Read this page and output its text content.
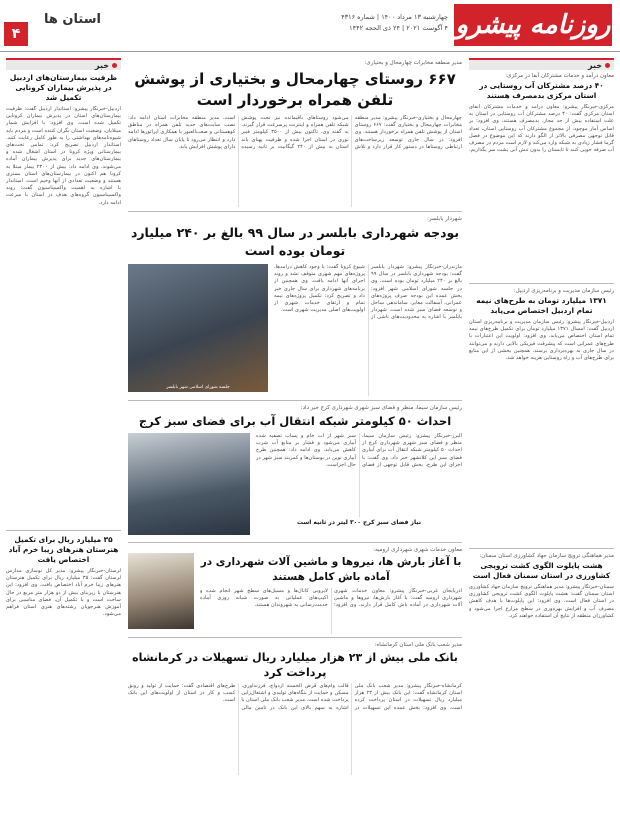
روزنامه پیشرو
چهارشنبه ۱۳ مرداد ۱۴۰۰ | شماره ۴۳۱۶
۴ آگوست ۲۰۲۱ | ۲۴ ذی الحجه ۱۴۴۲
استان ها
۴
خبر
معاون درآمد و خدمات مشترکان آبفا در مرکزی:
۴۰ درصد مشترکان آب روستایی در استان مرکزی بدمصرف هستند
مرکزی-خبرنگار پیشرو: معاون درآمد و خدمات مشترکان آبفای استان مرکزی گفت: ۴۰ درصد مشترکان آب روستایی در استان به علت استفاده بیش از حد مجاز، بدمصرف هستند. وی افزود: بر اساس آمار موجود، از مجموع مشترکان آب روستایی استان، تعداد قابل توجهی مصرفی بالاتر از الگو دارند که این موضوع در فصل گرما فشار زیادی به شبکه وارد می‌کند و لازم است مردم در مصرف آب صرفه جویی کنند تا تابستان را بدون تنش آبی پشت سر بگذاریم.
رئیس سازمان مدیریت و برنامه‌ریزی اردبیل:
۱۳۷۱ میلیارد تومان به طرح‌های نیمه تمام اردبیل اختصاص می‌یابد
اردبیل-خبرنگار پیشرو: رئیس سازمان مدیریت و برنامه‌ریزی استان اردبیل گفت: امسال ۱۳۷۱ میلیارد تومان برای تکمیل طرح‌های نیمه تمام استان اختصاص می‌یابد. وی افزود: اولویت این اعتبارات با طرح‌های عمرانی است که پیشرفت فیزیکی بالایی دارند و می‌توانند در سال جاری به بهره‌برداری برسند. همچنین بخشی از این منابع برای طرح‌های آب و راه روستایی هزینه خواهد شد.
مدیر هماهنگی ترویج سازمان جهاد کشاورزی استان سمنان:
هشت پایلوت الگوی کشت ترویجی کشاورزی در استان سمنان فعال است
سمنان-خبرنگار پیشرو: مدیر هماهنگی ترویج سازمان جهاد کشاورزی استان سمنان گفت: هشت پایلوت الگوی کشت ترویجی کشاورزی در استان فعال است. وی افزود: این پایلوت‌ها با هدف کاهش مصرف آب و افزایش بهره‌وری در سطح مزارع اجرا می‌شود و کشاورزان منطقه از نتایج آن استفاده خواهند کرد.
مدیر منطقه مخابرات چهارمحال و بختیاری:
۶۶۷ روستای چهارمحال و بختیاری از پوشش تلفن همراه برخوردار است
چهارمحال و بختیاری-خبرنگار پیشرو: مدیر منطقه مخابرات چهارمحال و بختیاری گفت: ۶۶۷ روستای استان از پوشش تلفن همراه برخوردار هستند. وی افزود: در سال جاری توسعه زیرساخت‌های ارتباطی روستاها در دستور کار قرار دارد و تلاش می‌شود روستاهای باقیمانده نیز تحت پوشش شبکه تلفن همراه و اینترنت پرسرعت قرار گیرند. به گفته وی، تاکنون بیش از ۳۵۰۰ کیلومتر فیبر نوری در استان اجرا شده و ظرفیت پهنای باند استان به بیش از ۲۴۰ گیگابیت بر ثانیه رسیده است. مدیر منطقه مخابرات استان ادامه داد: نصب سایت‌های جدید تلفن همراه در مناطق کوهستانی و صعب‌العبور با همکاری اپراتورها ادامه دارد و انتظار می‌رود تا پایان سال تعداد روستاهای دارای پوشش افزایش یابد.
شهردار بابلسر:
بودجه شهرداری بابلسر در سال ۹۹ بالغ بر ۲۴۰ میلیارد تومان بوده است
مازندران-خبرنگار پیشرو: شهردار بابلسر گفت: بودجه شهرداری بابلسر در سال ۹۹ بالغ بر ۲۴۰ میلیارد تومان بوده است. وی در جلسه شورای اسلامی شهر افزود: بخش عمده این بودجه صرف پروژه‌های عمرانی، آسفالت معابر، ساماندهی ساحل و توسعه فضای سبز شده است. شهردار بابلسر با اشاره به محدودیت‌های ناشی از شیوع کرونا گفت: با وجود کاهش درآمدها، پروژه‌های مهم شهری متوقف نشد و روند اجرای آنها ادامه یافت. وی همچنین از برنامه‌های شهرداری برای سال جاری خبر داد و تصریح کرد: تکمیل پروژه‌های نیمه تمام و ارتقای خدمات شهری از اولویت‌های اصلی مدیریت شهری است.
جلسه شورای اسلامی شهر بابلسر
رئیس سازمان سیما، منظر و فضای سبز شهری شهرداری کرج خبر داد:
احداث ۵۰ کیلومتر شبکه انتقال آب برای فضای سبز کرج
البرز-خبرنگار پیشرو: رئیس سازمان سیما، منظر و فضای سبز شهری شهرداری کرج از احداث ۵۰ کیلومتر شبکه انتقال آب برای آبیاری فضای سبز این کلانشهر خبر داد. وی گفت: با اجرای این طرح، بخش قابل توجهی از فضای سبز شهر از آب خام و پساب تصفیه شده آبیاری می‌شود و فشار بر منابع آب شرب کاهش می‌یابد. وی ادامه داد: همچنین طرح آبیاری نوین در بوستان‌ها و کمربند سبز شهر در حال اجراست.
نیاز فضای سبز کرج ۳۰۰ لیتر در ثانیه است
معاون خدمات شهری شهرداری ارومیه:
با آغاز بارش ها، نیروها و ماشین آلات شهرداری در آماده باش کامل هستند
آذربایجان غربی-خبرنگار پیشرو: معاون خدمات شهری شهرداری ارومیه گفت: با آغاز بارش‌ها، نیروها و ماشین آلات شهرداری در آماده باش کامل قرار دارند. وی افزود: لایروبی کانال‌ها و مسیل‌های سطح شهر انجام شده و اکیپ‌های عملیاتی به صورت شبانه روزی آماده خدمت‌رسانی به شهروندان هستند.
مدیر شعب بانک ملی استان کرمانشاه:
بانک ملی بیش از ۲۳ هزار میلیارد ریال تسهیلات در کرمانشاه پرداخت کرد
کرمانشاه-خبرنگار پیشرو: مدیر شعب بانک ملی استان کرمانشاه گفت: این بانک بیش از ۲۳ هزار میلیارد ریال تسهیلات در استان پرداخت کرده است. وی افزود: بخش عمده این تسهیلات در قالب وام‌های قرض الحسنه ازدواج، فرزندآوری، مسکن و حمایت از بنگاه‌های تولیدی و اشتغال‌زایی پرداخت شده است. مدیر شعب بانک ملی استان با اشاره به سهم بالای این بانک در تامین مالی طرح‌های اقتصادی گفت: حمایت از تولید و رونق کسب و کار در استان از اولویت‌های این بانک است.
خبر
ظرفیت بیمارستان‌های اردبیل در پذیرش بیماران کرونایی تکمیل شد
اردبیل-خبرنگار پیشرو: استاندار اردبیل گفت: ظرفیت بیمارستان‌های استان در پذیرش بیماران کرونایی تکمیل شده است. وی افزود: با افزایش شمار مبتلایان، وضعیت استان نگران کننده است و مردم باید شیوه‌نامه‌های بهداشتی را به طور کامل رعایت کنند. استاندار اردبیل تصریح کرد: تمامی تخت‌های بیمارستانی ویژه کرونا در استان اشغال شده و بیمارستان‌های جدید برای پذیرش بیماران آماده می‌شوند. وی ادامه داد: بیش از ۲۳۰۰ بیمار مبتلا به کرونا هم اکنون در بیمارستان‌های استان بستری هستند و وضعیت تعدادی از آنها وخیم است. استاندار با اشاره به اهمیت واکسیناسیون گفت: روند واکسیناسیون گروه‌های هدف در استان با سرعت ادامه دارد.
۳۵ میلیارد ریال برای تکمیل هنرستان هنرهای زیبا خرم آباد اختصاص یافت
لرستان-خبرنگار پیشرو: مدیر کل نوسازی مدارس لرستان گفت: ۳۵ میلیارد ریال برای تکمیل هنرستان هنرهای زیبا خرم آباد اختصاص یافت. وی افزود: این هنرستان با زیربنای بیش از دو هزار متر مربع در حال ساخت است و با تکمیل آن، فضای مناسبی برای آموزش هنرجویان رشته‌های هنری استان فراهم می‌شود.
